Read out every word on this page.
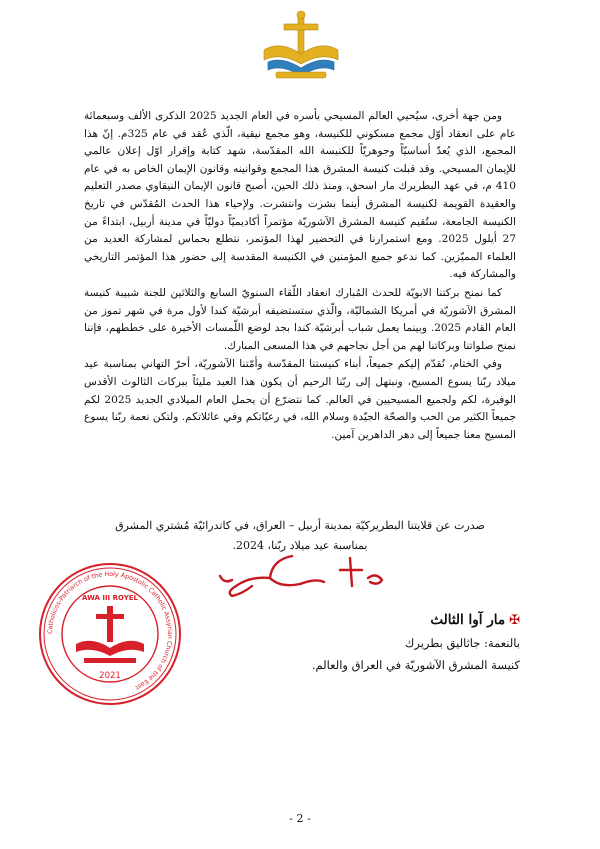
ومن جهة أخرى، سيُحيي العالم المسيحي بأسره في العام الجديد 2025 الذكرى الألف وسبعمائة عام على انعقاد أوّل مجمع مسكوني للكنيسة، وهو مجمع نيقية، الّذي عُقد في عام 325م. إنّ هذا المجمع، الذي يُعدّ أساسيّاً وجوهريّاً للكنيسة الله المقدّسة، شهد كتابة وإقرار اوّل إعلان عالمي للإيمان المسيحي. وقد قبلت كنيسة المشرق هذا المجمع وقوانينه وقانون الإيمان الخاص به في عام 410 م، في عهد البطريرك مار اسحق، ومنذ ذلك الحين، أصبح قانون الإيمان النيقاوي مصدر التعليم والعقيدة القويمة لكنيسة المشرق أينما بشرت وانتشرت. ولإحياء هذا الحدث المُقدّس في تاريخ الكنيسة الجامعة، ستُقيم كنيسة المشرق الآشوريّة مؤتمراً أكاديميّاً دوليّاً في مدينة أربيل، ابتداءً من 27 أيلول 2025. ومع استمرارنا في التحضير لهذا المؤتمر، نتطلع بحماس لمشاركة العديد من العلماء المميّزين. كما ندعو جميع المؤمنين في الكنيسة المقدسة إلى حضور هذا المؤتمر التاريخي والمشاركة فيه.

كما نمنح بركتنا الابويّة للحدث المُبارك انعقاد اللّقاء السنويّ السابع والثلاثين للجنة شبيبة كنيسة المشرق الآشوريّة في أمريكا الشماليّة، والّذي ستستضيفه أبرشيّة كندا لأول مرة في شهر تموز من العام القادم 2025. وبينما يعمل شباب أبرشيّة كندا بجد لوضع اللّمسات الأخيرة على خططهم، فإننا نمنح صلواتنا وبركاتنا لهم من أجل نجاحهم في هذا المسعى المبارك.

وفي الختام، نُقدّم إليكم جميعاً، أبناء كنيستنا المقدّسة وأمّتنا الآشوريّة، أحرّ التهاني بمناسبة عيد ميلاد ربّنا يسوع المسيح، ونبتهل إلى ربّنا الرحيم أن يكون هذا العيد مليئاً ببركات الثالوث الأقدس الوفيرة، لكم ولجميع المسيحيين في العالم. كما نتضرّع أن يحمل العام الميلادي الجديد 2025 لكم جميعاً الكثير من الحب والصحّة الجيّدة وسلام الله، في رعيّاتكم وفي عائلاتكم. ولتكن نعمة ربّنا يسوع المسيح معنا جميعاً إلى دهر الداهرين آمين.

صدرت عن قلايتنا البطريركيّة بمدينة أربيل – العراق، في كاتدرائيّة مُشتري المشرق
بمناسبة عيد ميلاد ربّنا، 2024.
Catholicos-Patriarch of the Holy Apostolic Catholic Assyrian Church of the East
AWA III ROYEL
2021
✠مار آوا الثالث
بالنعمة: جاثاليق بطريرك
كنيسة المشرق الآشوريّة في العراق والعالم.
- 2 -
